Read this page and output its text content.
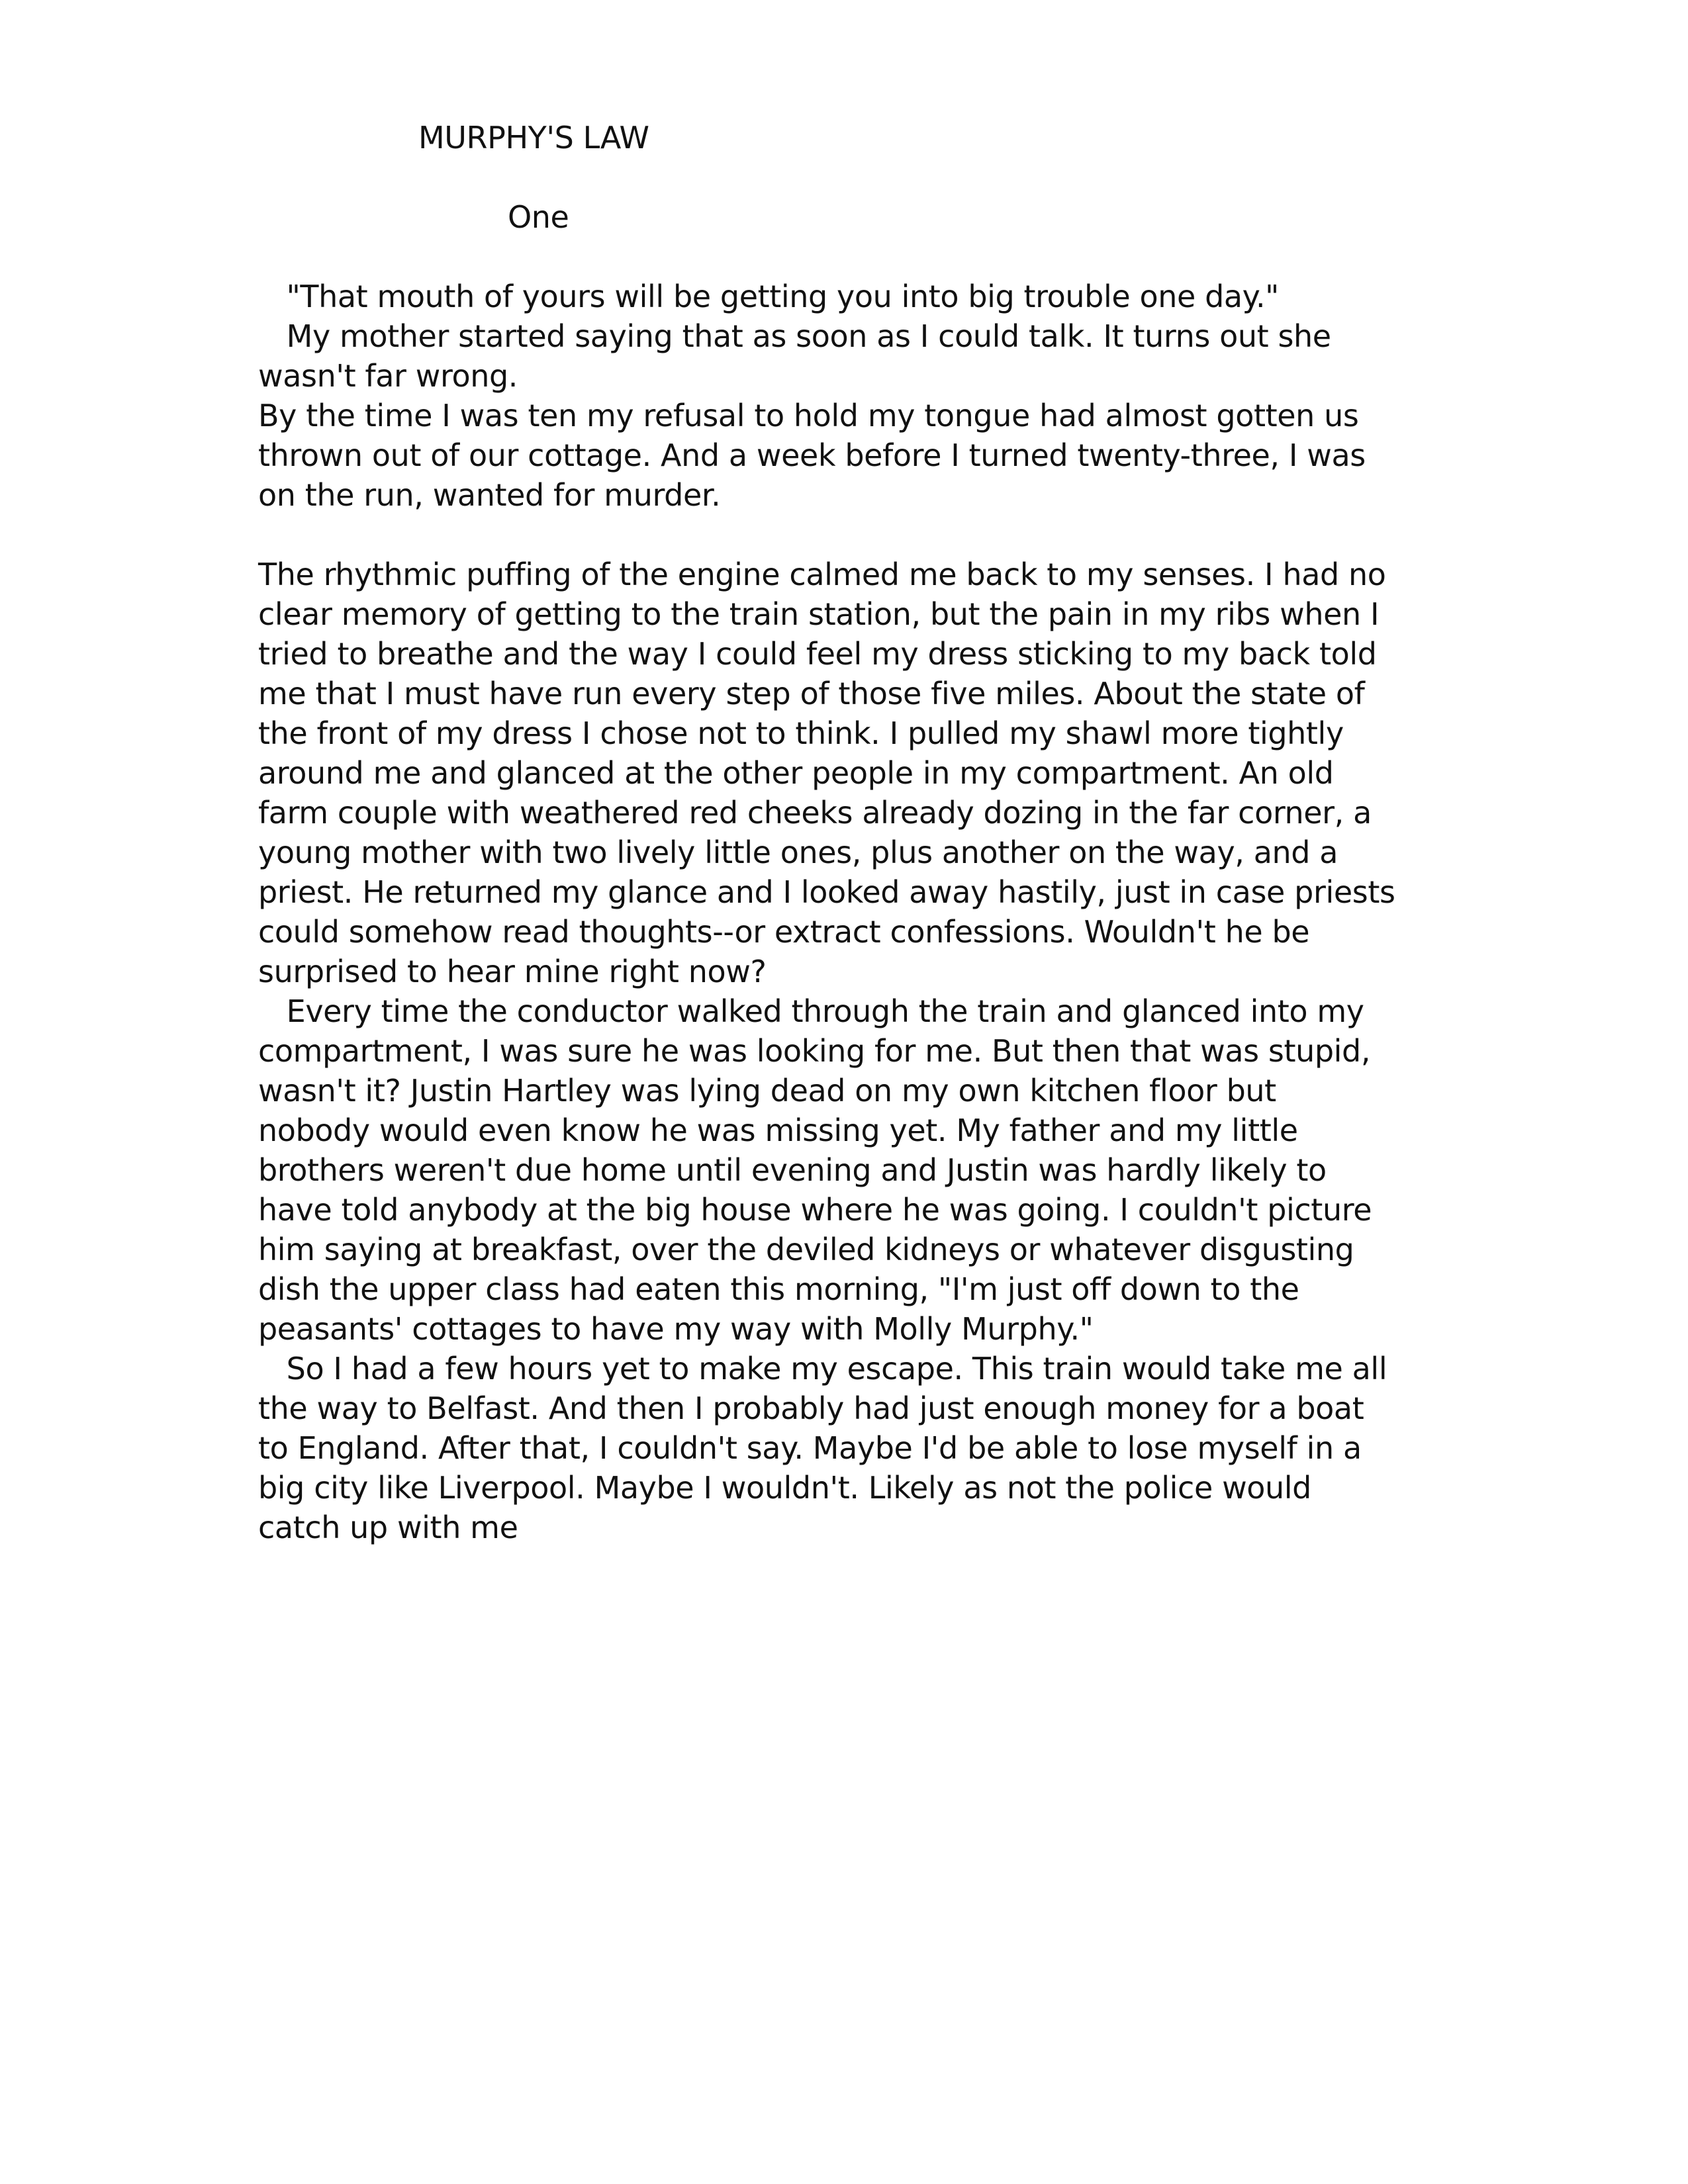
MURPHY'S LAW
One
"That mouth of yours will be getting you into big trouble one day."
My mother started saying that as soon as I could talk. It turns out she
wasn't far wrong.
By the time I was ten my refusal to hold my tongue had almost gotten us
thrown out of our cottage. And a week before I turned twenty-three, I was
on the run, wanted for murder.
The rhythmic puffing of the engine calmed me back to my senses. I had no
clear memory of getting to the train station, but the pain in my ribs when I
tried to breathe and the way I could feel my dress sticking to my back told
me that I must have run every step of those five miles. About the state of
the front of my dress I chose not to think. I pulled my shawl more tightly
around me and glanced at the other people in my compartment. An old
farm couple with weathered red cheeks already dozing in the far corner, a
young mother with two lively little ones, plus another on the way, and a
priest. He returned my glance and I looked away hastily, just in case priests
could somehow read thoughts--or extract confessions. Wouldn't he be
surprised to hear mine right now?
Every time the conductor walked through the train and glanced into my
compartment, I was sure he was looking for me. But then that was stupid,
wasn't it? Justin Hartley was lying dead on my own kitchen floor but
nobody would even know he was missing yet. My father and my little
brothers weren't due home until evening and Justin was hardly likely to
have told anybody at the big house where he was going. I couldn't picture
him saying at breakfast, over the deviled kidneys or whatever disgusting
dish the upper class had eaten this morning, "I'm just off down to the
peasants' cottages to have my way with Molly Murphy."
So I had a few hours yet to make my escape. This train would take me all
the way to Belfast. And then I probably had just enough money for a boat
to England. After that, I couldn't say. Maybe I'd be able to lose myself in a
big city like Liverpool. Maybe I wouldn't. Likely as not the police would
catch up with me
